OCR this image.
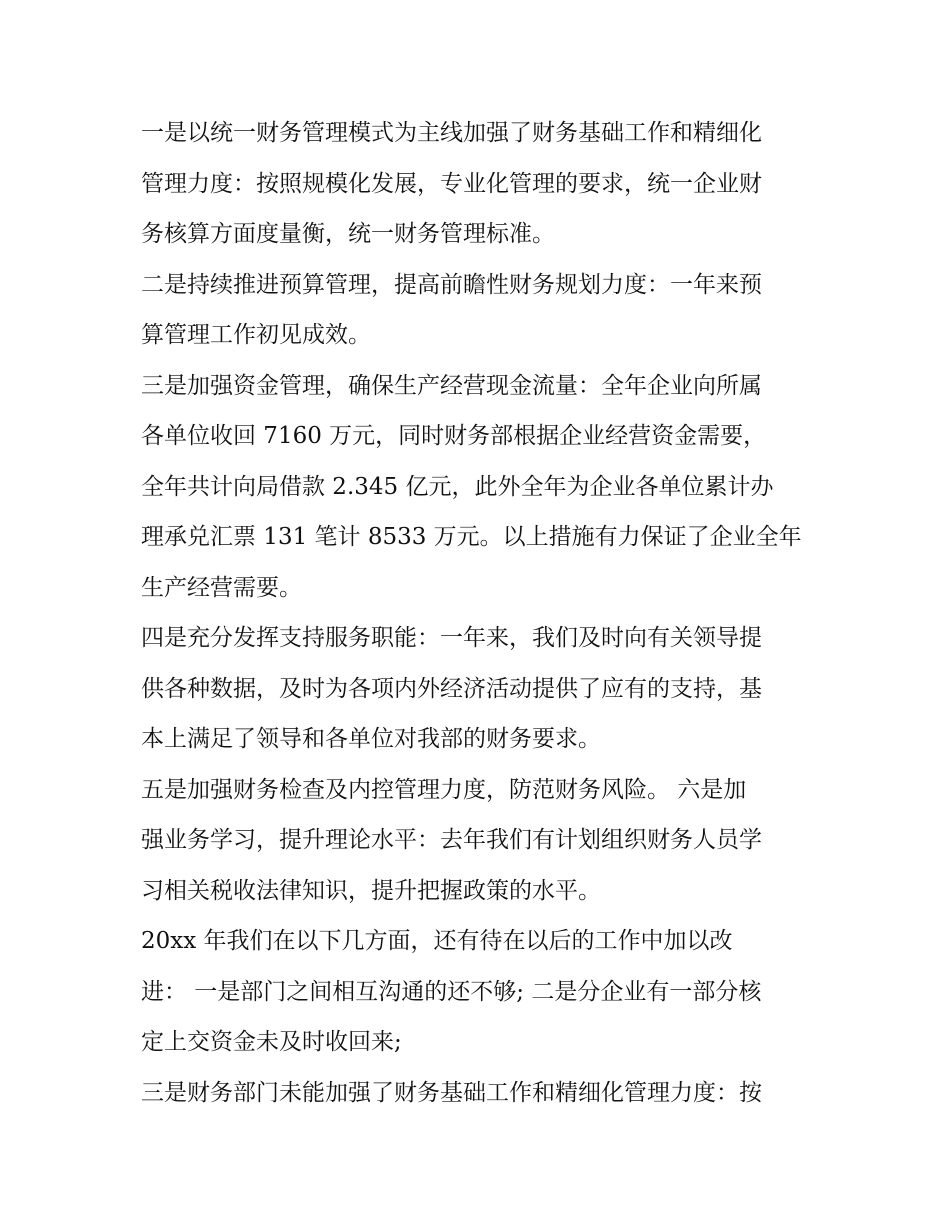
一是以统一财务管理模式为主线加强了财务基础工作和精细化
管理力度：按照规模化发展，专业化管理的要求，统一企业财
务核算方面度量衡，统一财务管理标准。
二是持续推进预算管理，提高前瞻性财务规划力度：一年来预
算管理工作初见成效。
三是加强资金管理，确保生产经营现金流量：全年企业向所属
各单位收回 7160 万元，同时财务部根据企业经营资金需要，
全年共计向局借款 2.345 亿元，此外全年为企业各单位累计办
理承兑汇票 131 笔计 8533 万元。以上措施有力保证了企业全年
生产经营需要。
四是充分发挥支持服务职能：一年来，我们及时向有关领导提
供各种数据，及时为各项内外经济活动提供了应有的支持，基
本上满足了领导和各单位对我部的财务要求。
五是加强财务检查及内控管理力度，防范财务风险。 六是加
强业务学习，提升理论水平：去年我们有计划组织财务人员学
习相关税收法律知识，提升把握政策的水平。
20xx 年我们在以下几方面，还有待在以后的工作中加以改
进： 一是部门之间相互沟通的还不够; 二是分企业有一部分核
定上交资金未及时收回来;
三是财务部门未能加强了财务基础工作和精细化管理力度：按
